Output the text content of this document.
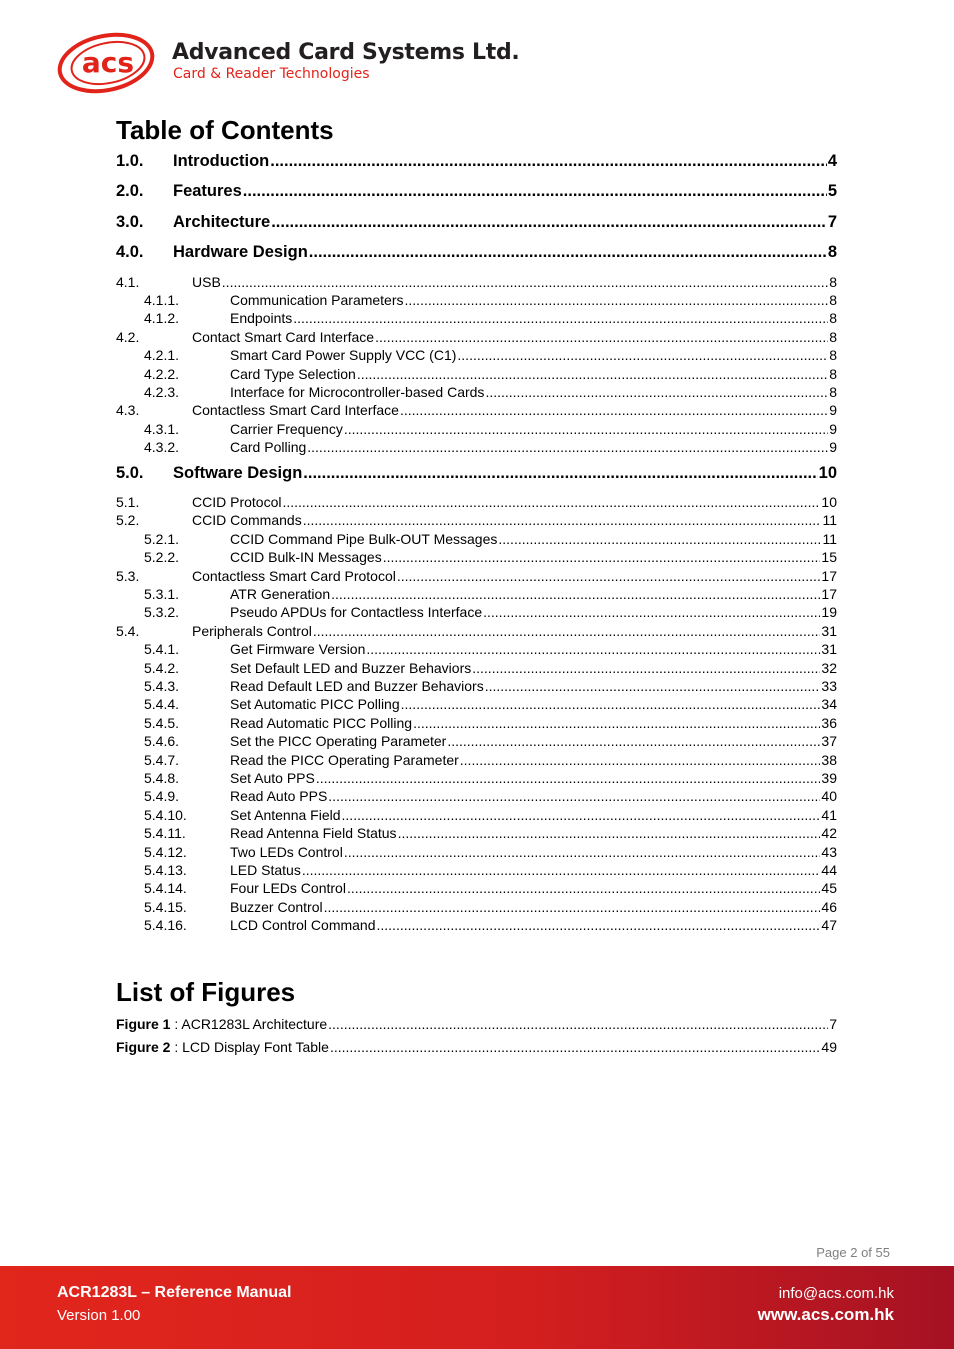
acs Advanced Card Systems Ltd.
Card & Reader Technologies
Table of Contents
1.0.	Introduction .....	4
2.0.	Features .....	5
3.0.	Architecture .....	7
4.0.	Hardware Design .....	8
4.1.	USB .....	8
4.1.1.	Communication Parameters .....	8
4.1.2.	Endpoints .....	8
4.2.	Contact Smart Card Interface .....	8
4.2.1.	Smart Card Power Supply VCC (C1) .....	8
4.2.2.	Card Type Selection .....	8
4.2.3.	Interface for Microcontroller-based Cards .....	8
4.3.	Contactless Smart Card Interface .....	9
4.3.1.	Carrier Frequency .....	9
4.3.2.	Card Polling .....	9
5.0.	Software Design .....	10
5.1.	CCID Protocol .....	10
5.2.	CCID Commands .....	11
5.2.1.	CCID Command Pipe Bulk-OUT Messages .....	11
5.2.2.	CCID Bulk-IN Messages .....	15
5.3.	Contactless Smart Card Protocol .....	17
5.3.1.	ATR Generation .....	17
5.3.2.	Pseudo APDUs for Contactless Interface .....	19
5.4.	Peripherals Control .....	31
5.4.1.	Get Firmware Version .....	31
5.4.2.	Set Default LED and Buzzer Behaviors .....	32
5.4.3.	Read Default LED and Buzzer Behaviors .....	33
5.4.4.	Set Automatic PICC Polling .....	34
5.4.5.	Read Automatic PICC Polling .....	36
5.4.6.	Set the PICC Operating Parameter .....	37
5.4.7.	Read the PICC Operating Parameter .....	38
5.4.8.	Set Auto PPS .....	39
5.4.9.	Read Auto PPS .....	40
5.4.10.	Set Antenna Field .....	41
5.4.11.	Read Antenna Field Status .....	42
5.4.12.	Two LEDs Control .....	43
5.4.13.	LED Status .....	44
5.4.14.	Four LEDs Control .....	45
5.4.15.	Buzzer Control .....	46
5.4.16.	LCD Control Command .....	47
List of Figures
Figure 1 : ACR1283L Architecture .....	7
Figure 2 : LCD Display Font Table .....	49
Page 2 of 55
ACR1283L – Reference Manual
Version 1.00
info@acs.com.hk
www.acs.com.hk
